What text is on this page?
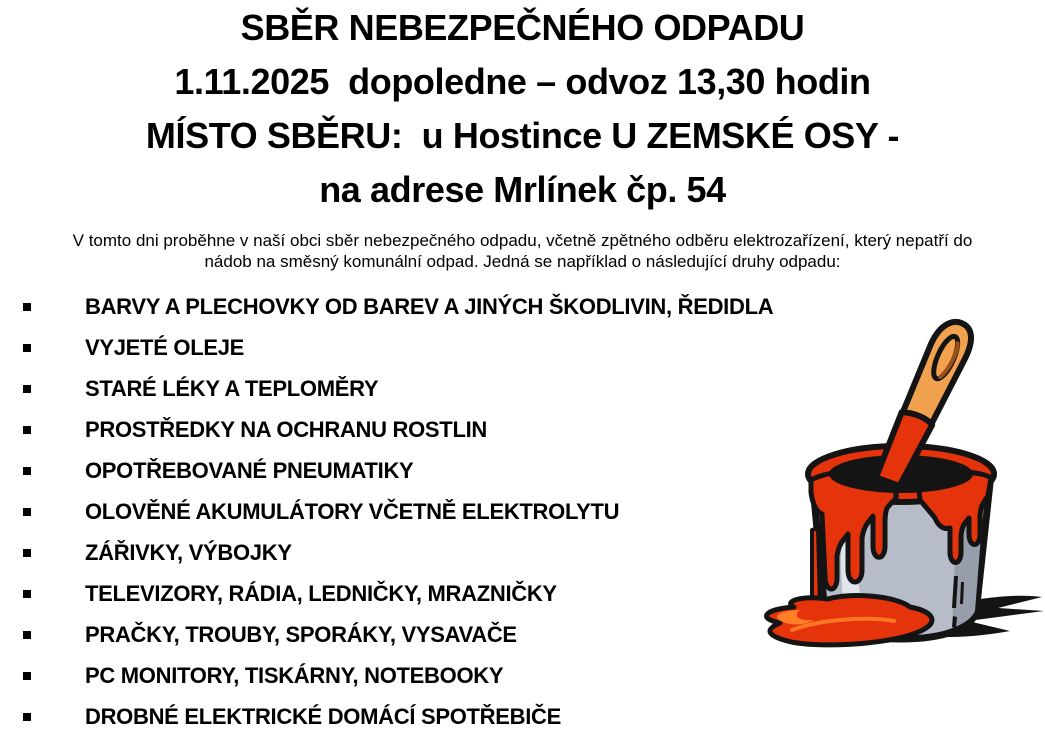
SBĚR NEBEZPEČNÉHO ODPADU
1.11.2025  dopoledne – odvoz 13,30 hodin
MÍSTO SBĚRU:  u Hostince U ZEMSKÉ OSY -
na adrese Mrlínek čp. 54

V tomto dni proběhne v naší obci sběr nebezpečného odpadu, včetně zpětného odběru elektrozařízení, který nepatří do nádob na směsný komunální odpad. Jedná se například o následující druhy odpadu:

BARVY A PLECHOVKY OD BAREV A JINÝCH ŠKODLIVIN, ŘEDIDLA
VYJETÉ OLEJE
STARÉ LÉKY A TEPLOMĚRY
PROSTŘEDKY NA OCHRANU ROSTLIN
OPOTŘEBOVANÉ PNEUMATIKY
OLOVĚNÉ AKUMULÁTORY VČETNĚ ELEKTROLYTU
ZÁŘIVKY, VÝBOJKY
TELEVIZORY, RÁDIA, LEDNIČKY, MRAZNIČKY
PRAČKY, TROUBY, SPORÁKY, VYSAVAČE
PC MONITORY, TISKÁRNY, NOTEBOOKY
DROBNÉ ELEKTRICKÉ DOMÁCÍ SPOTŘEBIČE
